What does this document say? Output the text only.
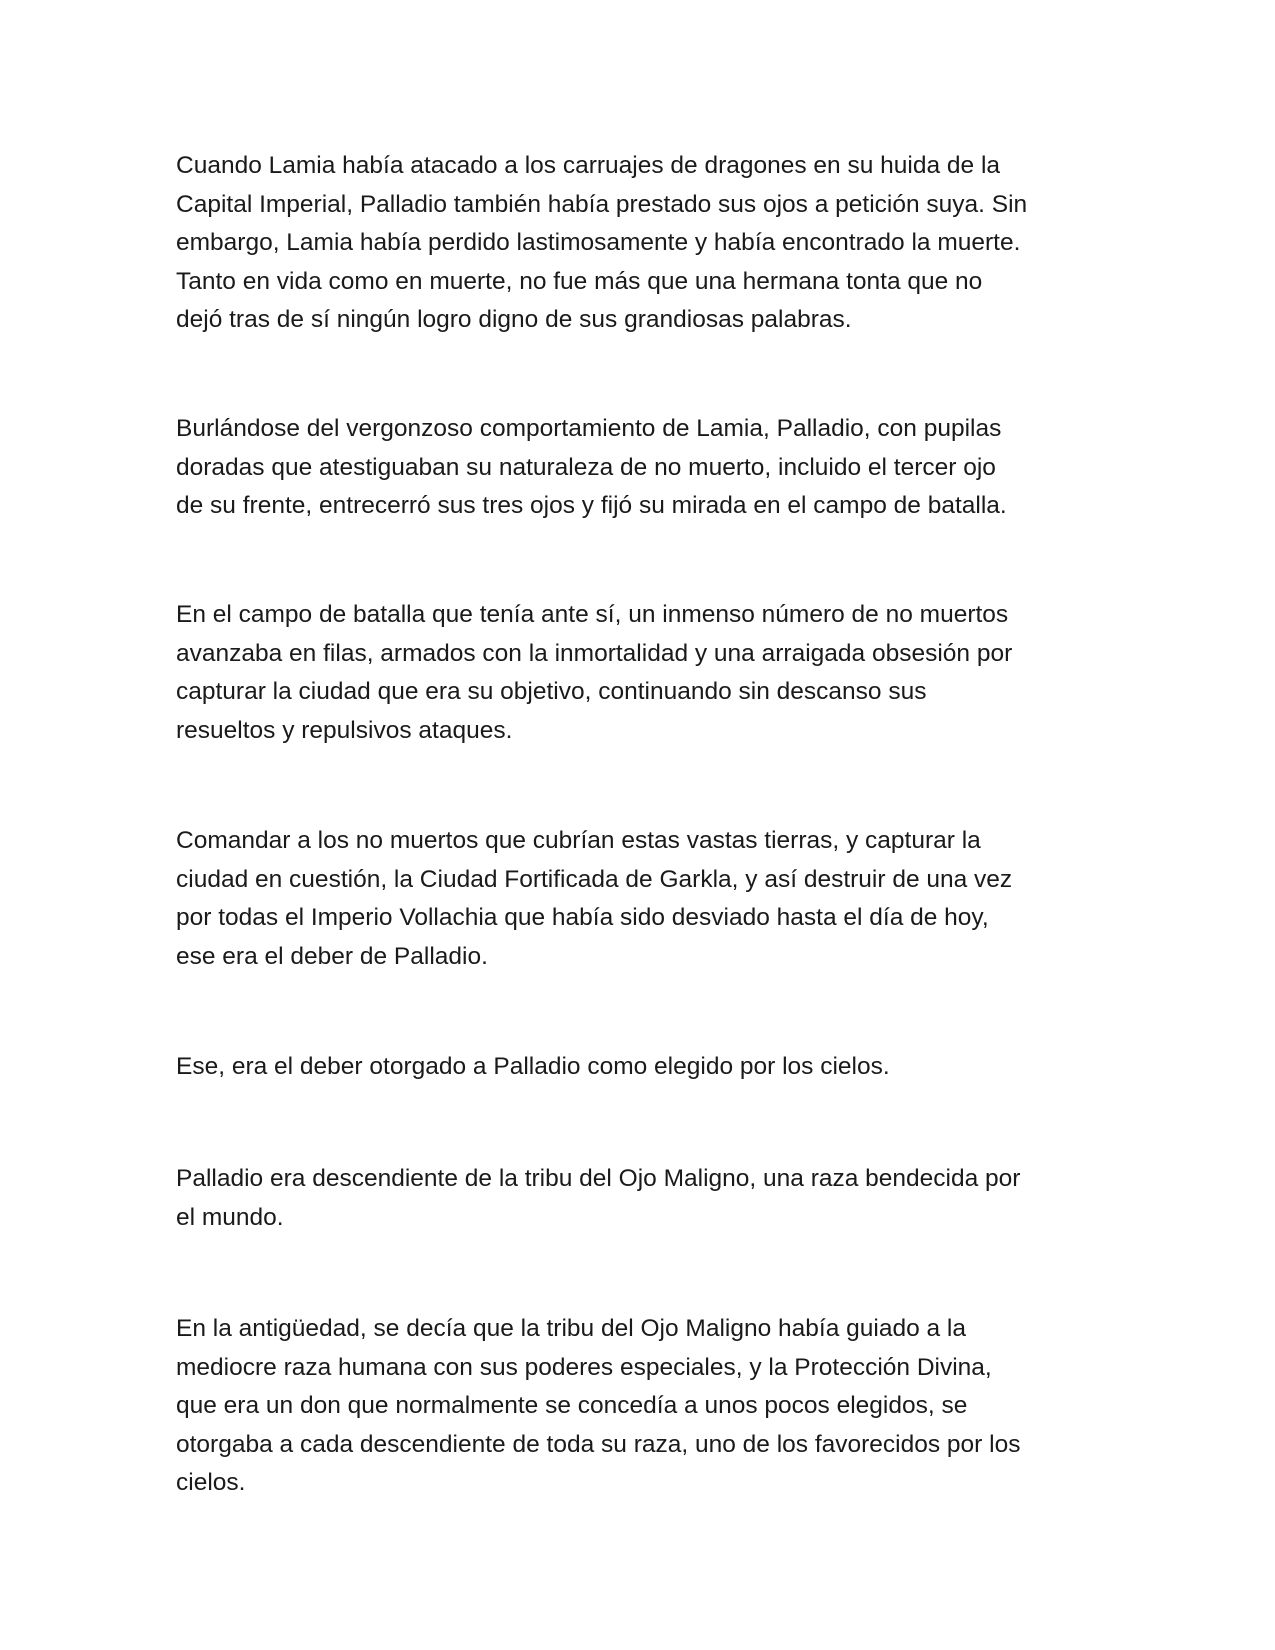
Cuando Lamia había atacado a los carruajes de dragones en su huida de la
Capital Imperial, Palladio también había prestado sus ojos a petición suya. Sin
embargo, Lamia había perdido lastimosamente y había encontrado la muerte.
Tanto en vida como en muerte, no fue más que una hermana tonta que no
dejó tras de sí ningún logro digno de sus grandiosas palabras.

Burlándose del vergonzoso comportamiento de Lamia, Palladio, con pupilas
doradas que atestiguaban su naturaleza de no muerto, incluido el tercer ojo
de su frente, entrecerró sus tres ojos y fijó su mirada en el campo de batalla.

En el campo de batalla que tenía ante sí, un inmenso número de no muertos
avanzaba en filas, armados con la inmortalidad y una arraigada obsesión por
capturar la ciudad que era su objetivo, continuando sin descanso sus
resueltos y repulsivos ataques.

Comandar a los no muertos que cubrían estas vastas tierras, y capturar la
ciudad en cuestión, la Ciudad Fortificada de Garkla, y así destruir de una vez
por todas el Imperio Vollachia que había sido desviado hasta el día de hoy,
ese era el deber de Palladio.

Ese, era el deber otorgado a Palladio como elegido por los cielos.

Palladio era descendiente de la tribu del Ojo Maligno, una raza bendecida por
el mundo.

En la antigüedad, se decía que la tribu del Ojo Maligno había guiado a la
mediocre raza humana con sus poderes especiales, y la Protección Divina,
que era un don que normalmente se concedía a unos pocos elegidos, se
otorgaba a cada descendiente de toda su raza, uno de los favorecidos por los
cielos.
